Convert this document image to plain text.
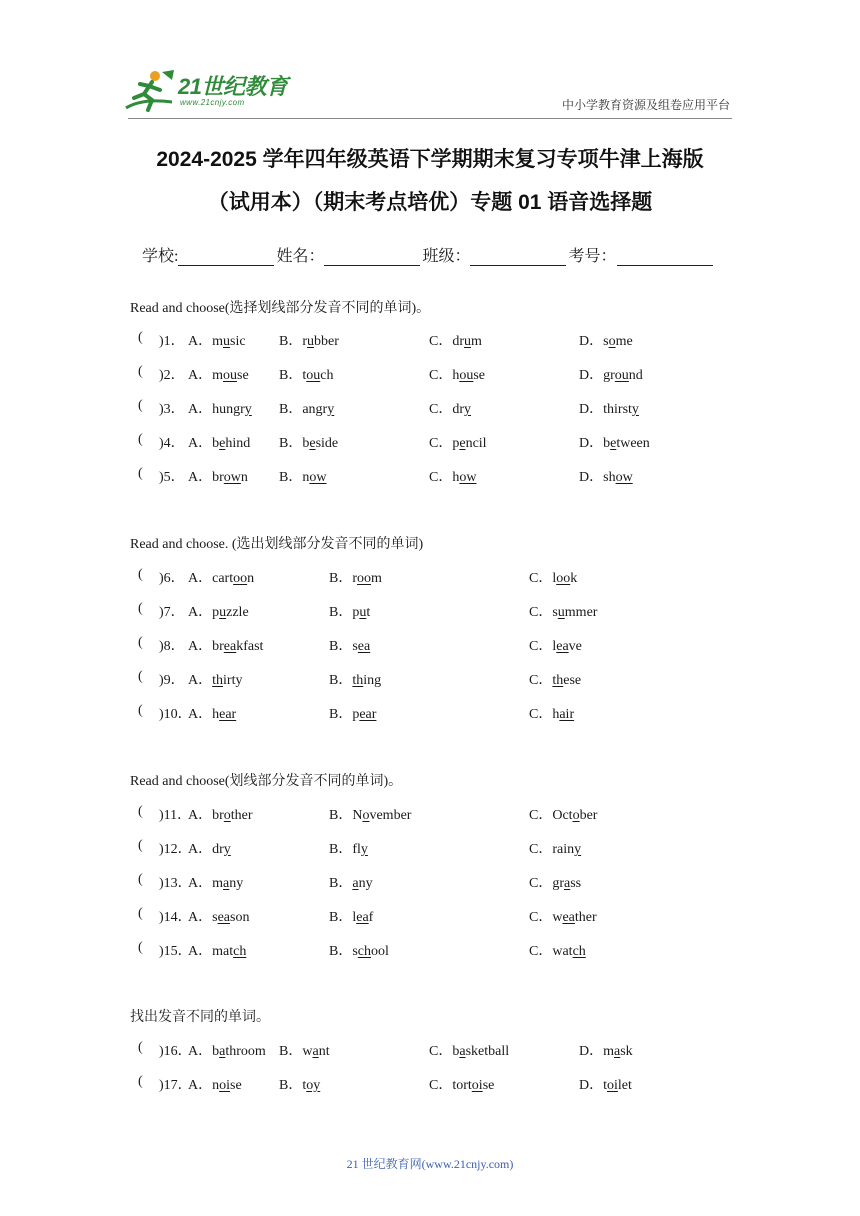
21世纪教育
www.21cnjy.com	中小学教育资源及组卷应用平台
2024-2025 学年四年级英语下学期期末复习专项牛津上海版
（试用本）（期末考点培优）专题 01 语音选择题
学校:	姓名：	班级：	考号：
Read and choose(选择划线部分发音不同的单词)。
( )1． A．music B．rubber	C．drum	D．some
( )2． A．mouse B．touch	C．house	D．ground
( )3． A．hungry B．angry	C．dry	D．thirsty
( )4． A．behind B．beside	C．pencil	D．between
( )5． A．brown B．now	C．how	D．show
Read and choose. (选出划线部分发音不同的单词)
( )6． A．cartoon	B．room	C．look
( )7． A．puzzle	B．put	C．summer
( )8． A．breakfast	B．sea	C．leave
( )9． A．thirty	B．thing	C．these
( )10．
A．hear	B．pear	C．hair
Read and choose(划线部分发音不同的单词)。
( )11．
A．brother	B．November	C．October
( )12．
A．dry	B．fly	C．rainy
( )13．
A．many	B．any	C．grass
( )14．
A．season	B．leaf	C．weather
( )15．
A．match	B．school	C．watch
找出发音不同的单词。
( )16．
A．bathroom B．want	C．basketball	D．mask
( )17．
A．noise	B．toy	C．tortoise	D．toilet
21 世纪教育网(www.21cnjy.com)
